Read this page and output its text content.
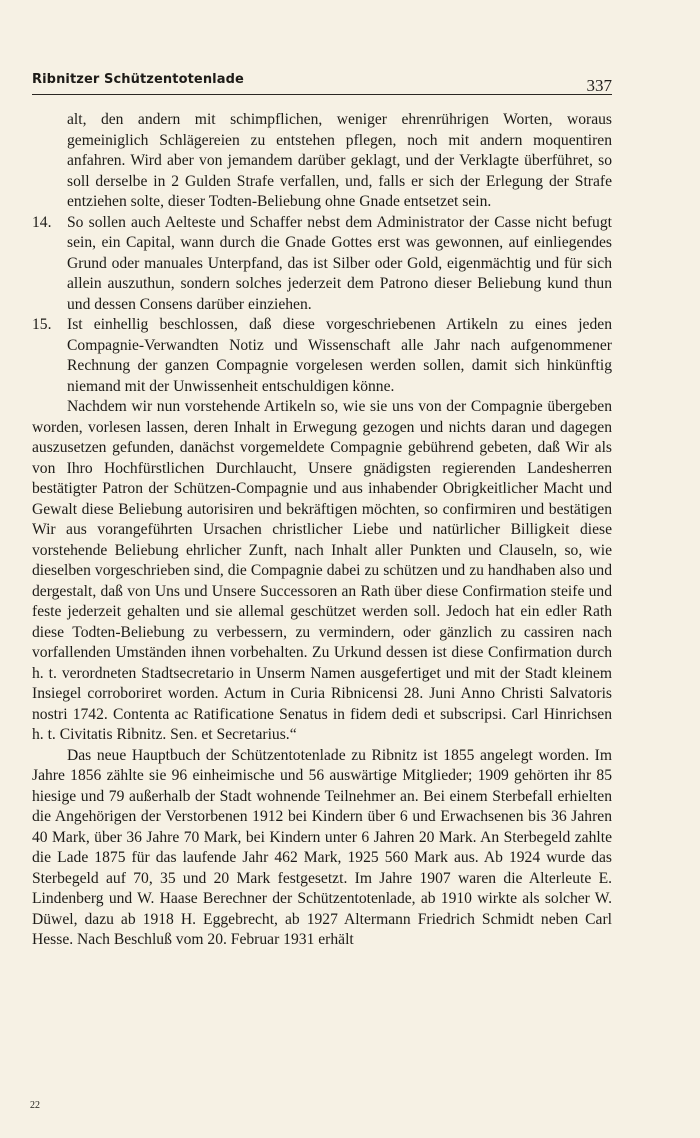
Ribnitzer Schützentotenlade	337

alt, den andern mit schimpflichen, weniger ehrenrührigen Worten, woraus gemeiniglich Schlägereien zu entstehen pflegen, noch mit andern moquentiren anfahren. Wird aber von jemandem darüber geklagt, und der Verklagte überführet, so soll derselbe in 2 Gulden Strafe verfallen, und, falls er sich der Erlegung der Strafe entziehen solte, dieser Todten-Beliebung ohne Gnade entsetzet sein.

14. So sollen auch Aelteste und Schaffer nebst dem Administrator der Casse nicht befugt sein, ein Capital, wann durch die Gnade Gottes erst was gewonnen, auf einliegendes Grund oder manuales Unterpfand, das ist Silber oder Gold, eigenmächtig und für sich allein auszuthun, sondern solches jederzeit dem Patrono dieser Beliebung kund thun und dessen Consens darüber einziehen.

15. Ist einhellig beschlossen, daß diese vorgeschriebenen Artikeln zu eines jeden Compagnie-Verwandten Notiz und Wissenschaft alle Jahr nach aufgenommener Rechnung der ganzen Compagnie vorgelesen werden sollen, damit sich hinkünftig niemand mit der Unwissenheit entschuldigen könne.

Nachdem wir nun vorstehende Artikeln so, wie sie uns von der Compagnie übergeben worden, vorlesen lassen, deren Inhalt in Erwegung gezogen und nichts daran und dagegen auszusetzen gefunden, danächst vorgemeldete Compagnie gebührend gebeten, daß Wir als von Ihro Hochfürstlichen Durchlaucht, Unsere gnädigsten regierenden Landesherren bestätigter Patron der Schützen-Compagnie und aus inhabender Obrigkeitlicher Macht und Gewalt diese Beliebung autorisiren und bekräftigen möchten, so confirmiren und bestätigen Wir aus vorangeführten Ursachen christlicher Liebe und natürlicher Billigkeit diese vorstehende Beliebung ehrlicher Zunft, nach Inhalt aller Punkten und Clauseln, so, wie dieselben vorgeschrieben sind, die Compagnie dabei zu schützen und zu handhaben also und dergestalt, daß von Uns und Unsere Successoren an Rath über diese Confirmation steife und feste jederzeit gehalten und sie allemal geschützet werden soll. Jedoch hat ein edler Rath diese Todten-Beliebung zu verbessern, zu vermindern, oder gänzlich zu cassiren nach vorfallenden Umständen ihnen vorbehalten. Zu Urkund dessen ist diese Confirmation durch h. t. verordneten Stadtsecretario in Unserm Namen ausgefertiget und mit der Stadt kleinem Insiegel corroboriret worden. Actum in Curia Ribnicensi 28. Juni Anno Christi Salvatoris nostri 1742. Contenta ac Ratificatione Senatus in fidem dedi et subscripsi. Carl Hinrichsen h. t. Civitatis Ribnitz. Sen. et Secretarius.“

Das neue Hauptbuch der Schützentotenlade zu Ribnitz ist 1855 angelegt worden. Im Jahre 1856 zählte sie 96 einheimische und 56 auswärtige Mitglieder; 1909 gehörten ihr 85 hiesige und 79 außerhalb der Stadt wohnende Teilnehmer an. Bei einem Sterbefall erhielten die Angehörigen der Verstorbenen 1912 bei Kindern über 6 und Erwachsenen bis 36 Jahren 40 Mark, über 36 Jahre 70 Mark, bei Kindern unter 6 Jahren 20 Mark. An Sterbegeld zahlte die Lade 1875 für das laufende Jahr 462 Mark, 1925 560 Mark aus. Ab 1924 wurde das Sterbegeld auf 70, 35 und 20 Mark festgesetzt. Im Jahre 1907 waren die Alterleute E. Lindenberg und W. Haase Berechner der Schützentotenlade, ab 1910 wirkte als solcher W. Düwel, dazu ab 1918 H. Eggebrecht, ab 1927 Altermann Friedrich Schmidt neben Carl Hesse. Nach Beschluß vom 20. Februar 1931 erhält

22
